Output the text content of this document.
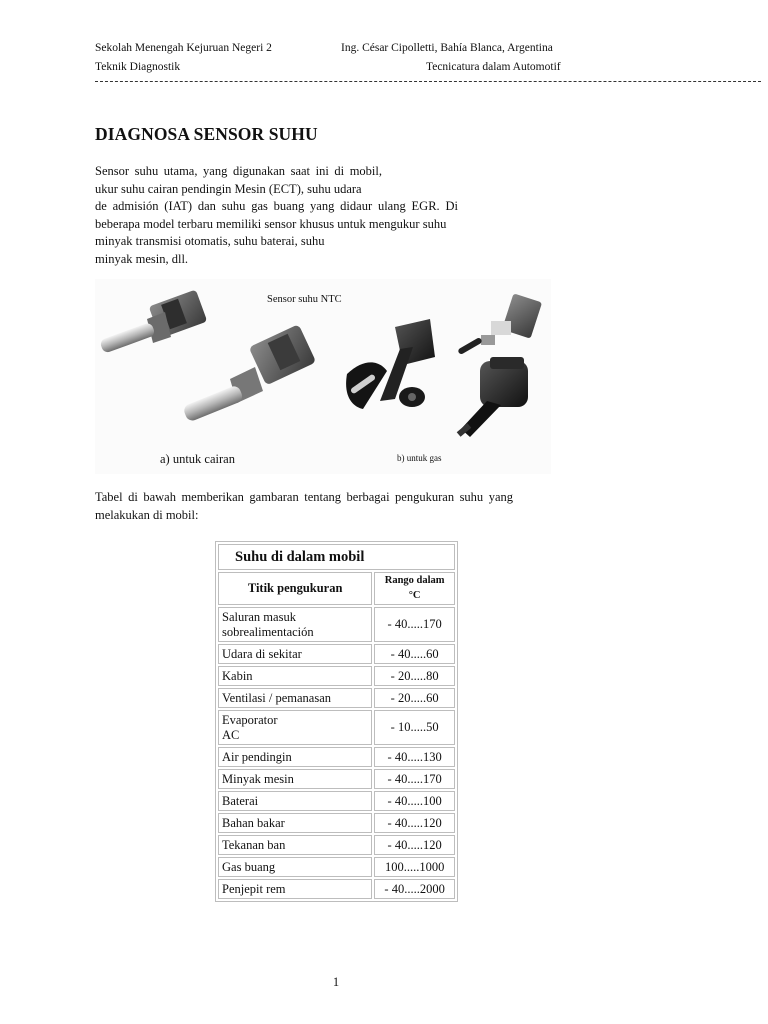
Sekolah Menengah Kejuruan Negeri 2	Ing. César Cipolletti, Bahía Blanca, Argentina
Teknik Diagnostik	Tecnicatura dalam Automotif
DIAGNOSA SENSOR SUHU
Sensor suhu utama, yang digunakan saat ini di mobil,
ukur suhu cairan pendingin Mesin (ECT), suhu udara
de admisión (IAT) dan suhu gas buang yang didaur ulang EGR. Di
beberapa model terbaru memiliki sensor khusus untuk mengukur suhu
minyak transmisi otomatis, suhu baterai, suhu
minyak mesin, dll.
Sensor suhu NTC
a) untuk cairan	b) untuk gas
Tabel di bawah memberikan gambaran tentang berbagai pengukuran suhu yang
melakukan di mobil:
Suhu di dalam mobil	
Titik pengukuran	Rango dalam °C
Saluran masuk sobrealimentación	- 40.....170
Udara di sekitar	- 40.....60
Kabin	- 20.....80
Ventilasi / pemanasan	- 20.....60
Evaporator
AC	- 10.....50
Air pendingin	- 40.....130
Minyak mesin	- 40.....170
Baterai	- 40.....100
Bahan bakar	- 40.....120
Tekanan ban	- 40.....120
Gas buang	100.....1000
Penjepit rem	- 40.....2000
1
